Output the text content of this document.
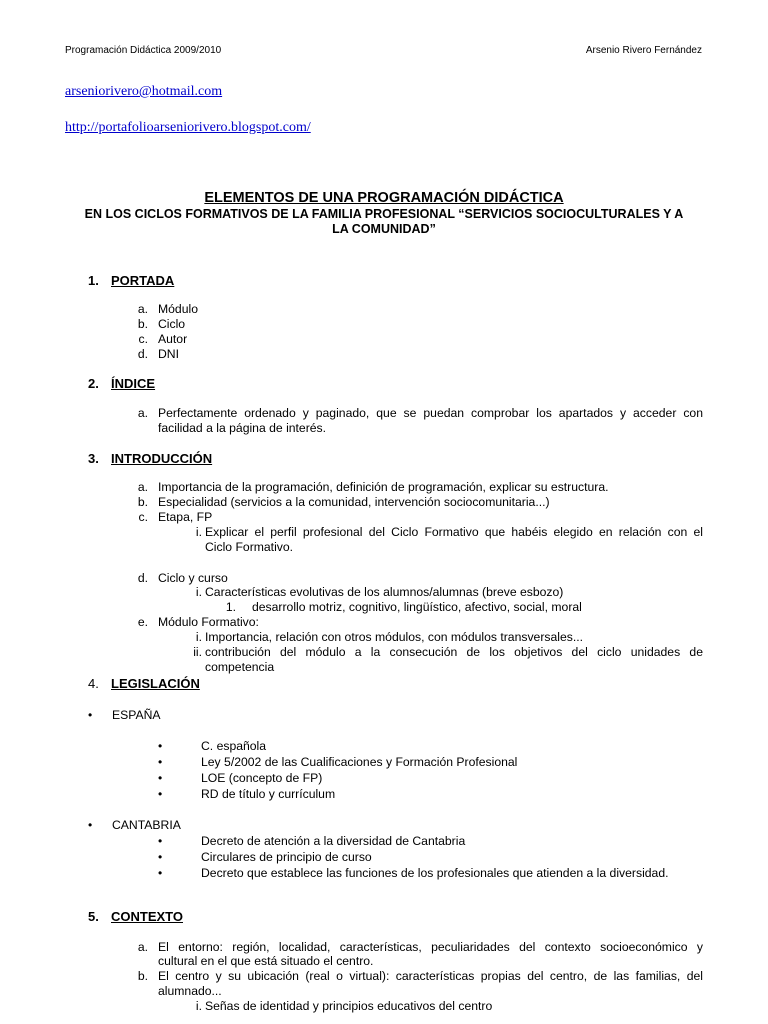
Programación Didáctica 2009/2010	Arsenio Rivero Fernández
arseniorivero@hotmail.com
http://portafolioarseniorivero.blogspot.com/
ELEMENTOS DE UNA PROGRAMACIÓN DIDÁCTICA
EN LOS CICLOS FORMATIVOS DE LA FAMILIA PROFESIONAL “SERVICIOS SOCIOCULTURALES Y A
LA COMUNIDAD”
1. PORTADA
a. Módulo
b. Ciclo
c. Autor
d. DNI
2. ÍNDICE
a. Perfectamente ordenado y paginado, que se puedan comprobar los apartados y acceder con
facilidad a la página de interés.
3. INTRODUCCIÓN
a. Importancia de la programación, definición de programación, explicar su estructura.
b. Especialidad (servicios a la comunidad, intervención sociocomunitaria...)
c. Etapa, FP
i. Explicar el perfil profesional del Ciclo Formativo que habéis elegido en relación con el
Ciclo Formativo.
d. Ciclo y curso
i. Características evolutivas de los alumnos/alumnas (breve esbozo)
1. desarrollo motriz, cognitivo, lingüístico, afectivo, social, moral
e. Módulo Formativo:
i. Importancia, relación con otros módulos, con módulos transversales...
ii. contribución del módulo a la consecución de los objetivos del ciclo unidades de
competencia
4. LEGISLACIÓN
• ESPAÑA
•	C. española
•	Ley 5/2002 de las Cualificaciones y Formación Profesional
•	LOE (concepto de FP)
•	RD de título y currículum
• CANTABRIA
•	Decreto de atención a la diversidad de Cantabria
•	Circulares de principio de curso
•	Decreto que establece las funciones de los profesionales que atienden a la diversidad.
5. CONTEXTO
a. El entorno: región, localidad, características, peculiaridades del contexto socioeconómico y
cultural en el que está situado el centro.
b. El centro y su ubicación (real o virtual): características propias del centro, de las familias, del
alumnado...
i. Señas de identidad y principios educativos del centro
